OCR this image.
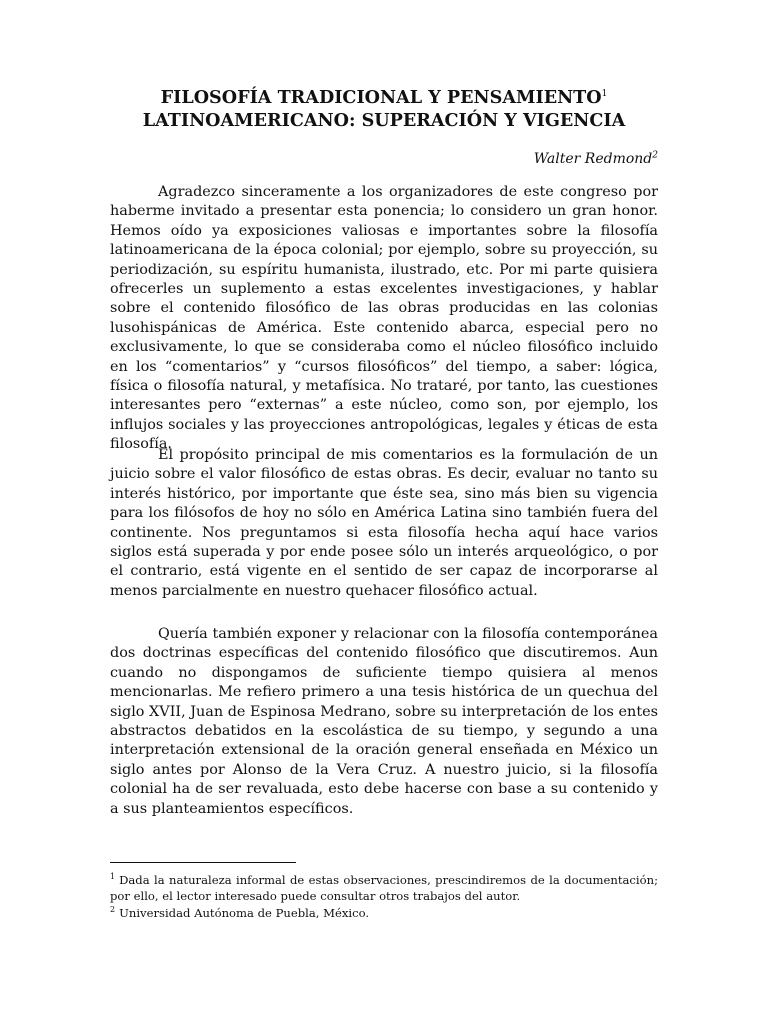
FILOSOFÍA TRADICIONAL Y PENSAMIENTO$^1$
LATINOAMERICANO: SUPERACIÓN Y VIGENCIA

Walter Redmond$^2$

Agradezco sinceramente a los organizadores de este congreso por haberme invitado a presentar esta ponencia; lo considero un gran honor. Hemos oído ya exposiciones valiosas e importantes sobre la filosofía latinoamericana de la época colonial; por ejemplo, sobre su proyección, su periodización, su espíritu humanista, ilustrado, etc. Por mi parte quisiera ofrecerles un suplemento a estas excelentes investigaciones, y hablar sobre el contenido filosófico de las obras producidas en las colonias lusohispánicas de América. Este contenido abarca, especial pero no exclusivamente, lo que se consideraba como el núcleo filosófico incluido en los “comentarios” y “cursos filosóficos” del tiempo, a saber: lógica, física o filosofía natural, y metafísica. No trataré, por tanto, las cuestiones interesantes pero “externas” a este núcleo, como son, por ejemplo, los influjos sociales y las proyecciones antropológicas, legales y éticas de esta filosofía.

El propósito principal de mis comentarios es la formulación de un juicio sobre el valor filosófico de estas obras. Es decir, evaluar no tanto su interés histórico, por importante que éste sea, sino más bien su vigencia para los filósofos de hoy no sólo en América Latina sino también fuera del continente. Nos preguntamos si esta filosofía hecha aquí hace varios siglos está superada y por ende posee sólo un interés arqueológico, o por el contrario, está vigente en el sentido de ser capaz de incorporarse al menos parcialmente en nuestro quehacer filosófico actual.

Quería también exponer y relacionar con la filosofía contemporánea dos doctrinas específicas del contenido filosófico que discutiremos. Aun cuando no dispongamos de suficiente tiempo quisiera al menos mencionarlas. Me refiero primero a una tesis histórica de un quechua del siglo XVII, Juan de Espinosa Medrano, sobre su interpretación de los entes abstractos debatidos en la escolástica de su tiempo, y segundo a una interpretación extensional de la oración general enseñada en México un siglo antes por Alonso de la Vera Cruz. A nuestro juicio, si la filosofía colonial ha de ser revaluada, esto debe hacerse con base a su contenido y a sus planteamientos específicos.

$^1$ Dada la naturaleza informal de estas observaciones, prescindiremos de la documentación; por ello, el lector interesado puede consultar otros trabajos del autor.

$^2$ Universidad Autónoma de Puebla, México.
